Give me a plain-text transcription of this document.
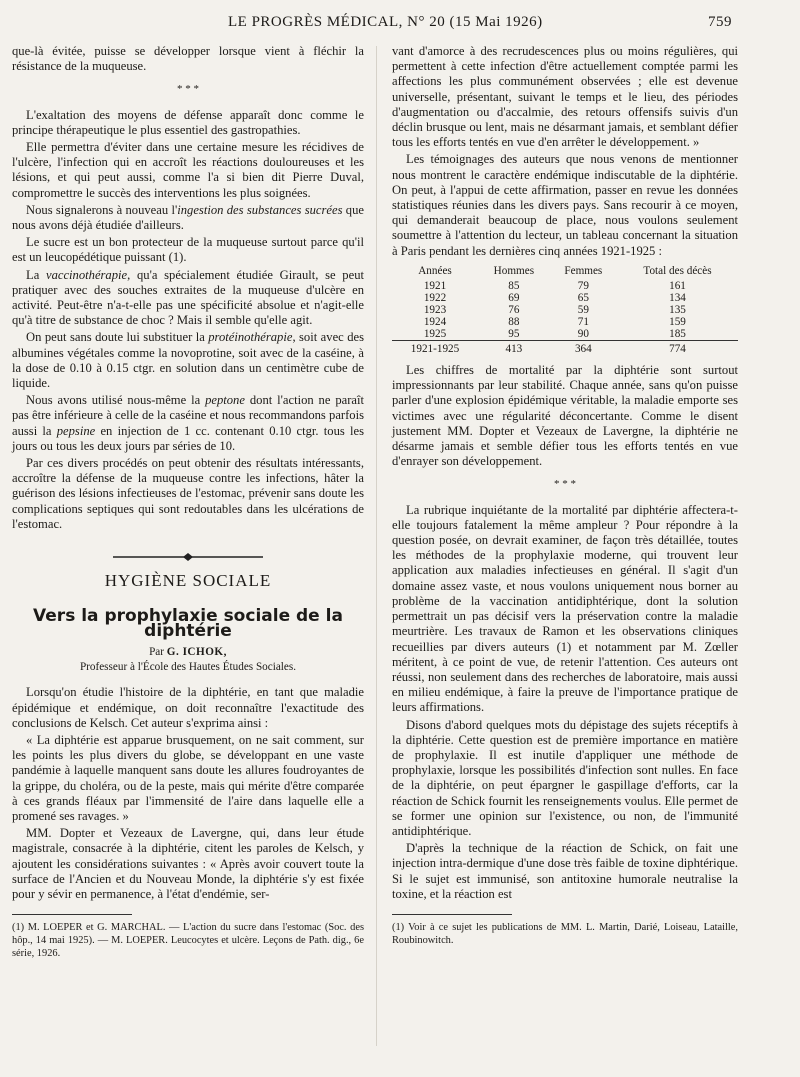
LE PROGRÈS MÉDICAL, N° 20 (15 Mai 1926)	759

que-là évitée, puisse se développer lorsque vient à fléchir la résistance de la muqueuse.

* * *

L'exaltation des moyens de défense apparaît donc comme le principe thérapeutique le plus essentiel des gastropathies.

Elle permettra d'éviter dans une certaine mesure les récidives de l'ulcère, l'infection qui en accroît les réactions douloureuses et les lésions, et qui peut aussi, comme l'a si bien dit Pierre Duval, compromettre le succès des interventions les plus soignées.

Nous signalerons à nouveau l'ingestion des substances sucrées que nous avons déjà étudiée d'ailleurs.

Le sucre est un bon protecteur de la muqueuse surtout parce qu'il est un leucopédétique puissant (1).

La vaccinothérapie, qu'a spécialement étudiée Girault, se peut pratiquer avec des souches extraites de la muqueuse d'ulcère en activité. Peut-être n'a-t-elle pas une spécificité absolue et n'agit-elle qu'à titre de substance de choc ? Mais il semble qu'elle agit.

On peut sans doute lui substituer la protéinothérapie, soit avec des albumines végétales comme la novoprotine, soit avec de la caséine, à la dose de 0.10 à 0.15 ctgr. en solution dans un centimètre cube de liquide.

Nous avons utilisé nous-même la peptone dont l'action ne paraît pas être inférieure à celle de la caséine et nous recommandons parfois aussi la pepsine en injection de 1 cc. contenant 0.10 ctgr. tous les jours ou tous les deux jours par séries de 10.

Par ces divers procédés on peut obtenir des résultats intéressants, accroître la défense de la muqueuse contre les infections, hâter la guérison des lésions infectieuses de l'estomac, prévenir sans doute les complications septiques qui sont redoutables dans les ulcérations de l'estomac.

HYGIÈNE SOCIALE
Vers la prophylaxie sociale de la diphtérie
Par G. ICHOK,
Professeur à l'École des Hautes Études Sociales.

Lorsqu'on étudie l'histoire de la diphtérie, en tant que maladie épidémique et endémique, on doit reconnaître l'exactitude des conclusions de Kelsch. Cet auteur s'exprima ainsi :

« La diphtérie est apparue brusquement, on ne sait comment, sur les points les plus divers du globe, se développant en une vaste pandémie à laquelle manquent sans doute les allures foudroyantes de la grippe, du choléra, ou de la peste, mais qui mérite d'être comparée à ces grands fléaux par l'immensité de l'aire dans laquelle elle a promené ses ravages. »

MM. Dopter et Vezeaux de Lavergne, qui, dans leur étude magistrale, consacrée à la diphtérie, citent les paroles de Kelsch, y ajoutent les considérations suivantes : « Après avoir couvert toute la surface de l'Ancien et du Nouveau Monde, la diphtérie s'y est fixée pour y sévir en permanence, à l'état d'endémie, ser-

(1) M. LOEPER et G. MARCHAL. — L'action du sucre dans l'estomac (Soc. des hôp., 14 mai 1925). — M. LOEPER. Leucocytes et ulcère. Leçons de Path. dig., 6e série, 1926.

vant d'amorce à des recrudescences plus ou moins régulières, qui permettent à cette infection d'être actuellement comptée parmi les affections les plus communément observées ; elle est devenue universelle, présentant, suivant le temps et le lieu, des périodes d'augmentation ou d'accalmie, des retours offensifs suivis d'un déclin brusque ou lent, mais ne désarmant jamais, et semblant défier tous les efforts tentés en vue d'en arrêter le développement. »

Les témoignages des auteurs que nous venons de mentionner nous montrent le caractère endémique indiscutable de la diphtérie. On peut, à l'appui de cette affirmation, passer en revue les données statistiques réunies dans les divers pays. Sans recourir à ce moyen, qui demanderait beaucoup de place, nous voulons seulement soumettre à l'attention du lecteur, un tableau concernant la situation à Paris pendant les dernières cinq années 1921-1925 :

Années	Hommes	Femmes	Total des décès
1921	85	79	161
1922	69	65	134
1923	76	59	135
1924	88	71	159
1925	95	90	185
1921-1925	413	364	774

Les chiffres de mortalité par la diphtérie sont surtout impressionnants par leur stabilité. Chaque année, sans qu'on puisse parler d'une explosion épidémique véritable, la maladie emporte ses victimes avec une régularité déconcertante. Comme le disent justement MM. Dopter et Vezeaux de Lavergne, la diphtérie ne désarme jamais et semble défier tous les efforts tentés en vue d'enrayer son développement.

* * *

La rubrique inquiétante de la mortalité par diphtérie affectera-t-elle toujours fatalement la même ampleur ? Pour répondre à la question posée, on devrait examiner, de façon très détaillée, toutes les méthodes de la prophylaxie moderne, qui trouvent leur application aux maladies infectieuses en général. Il s'agit d'un domaine assez vaste, et nous voulons uniquement nous borner au problème de la vaccination antidiphtérique, dont la solution permettrait un pas décisif vers la préservation contre la maladie meurtrière. Les travaux de Ramon et les observations cliniques recueillies par divers auteurs (1) et notamment par M. Zœller méritent, à ce point de vue, de retenir l'attention. Ces auteurs ont réussi, non seulement dans des recherches de laboratoire, mais aussi en milieu endémique, à faire la preuve de l'importance pratique de leurs affirmations.

Disons d'abord quelques mots du dépistage des sujets réceptifs à la diphtérie. Cette question est de première importance en matière de prophylaxie. Il est inutile d'appliquer une méthode de prophylaxie, lorsque les possibilités d'infection sont nulles. En face de la diphtérie, on peut épargner le gaspillage d'efforts, car la réaction de Schick fournit les renseignements voulus. Elle permet de se former une opinion sur l'existence, ou non, de l'immunité antidiphtérique.

D'après la technique de la réaction de Schick, on fait une injection intra-dermique d'une dose très faible de toxine diphtérique. Si le sujet est immunisé, son antitoxine humorale neutralise la toxine, et la réaction est

(1) Voir à ce sujet les publications de MM. L. Martin, Darié, Loiseau, Lataille, Roubinowitch.
